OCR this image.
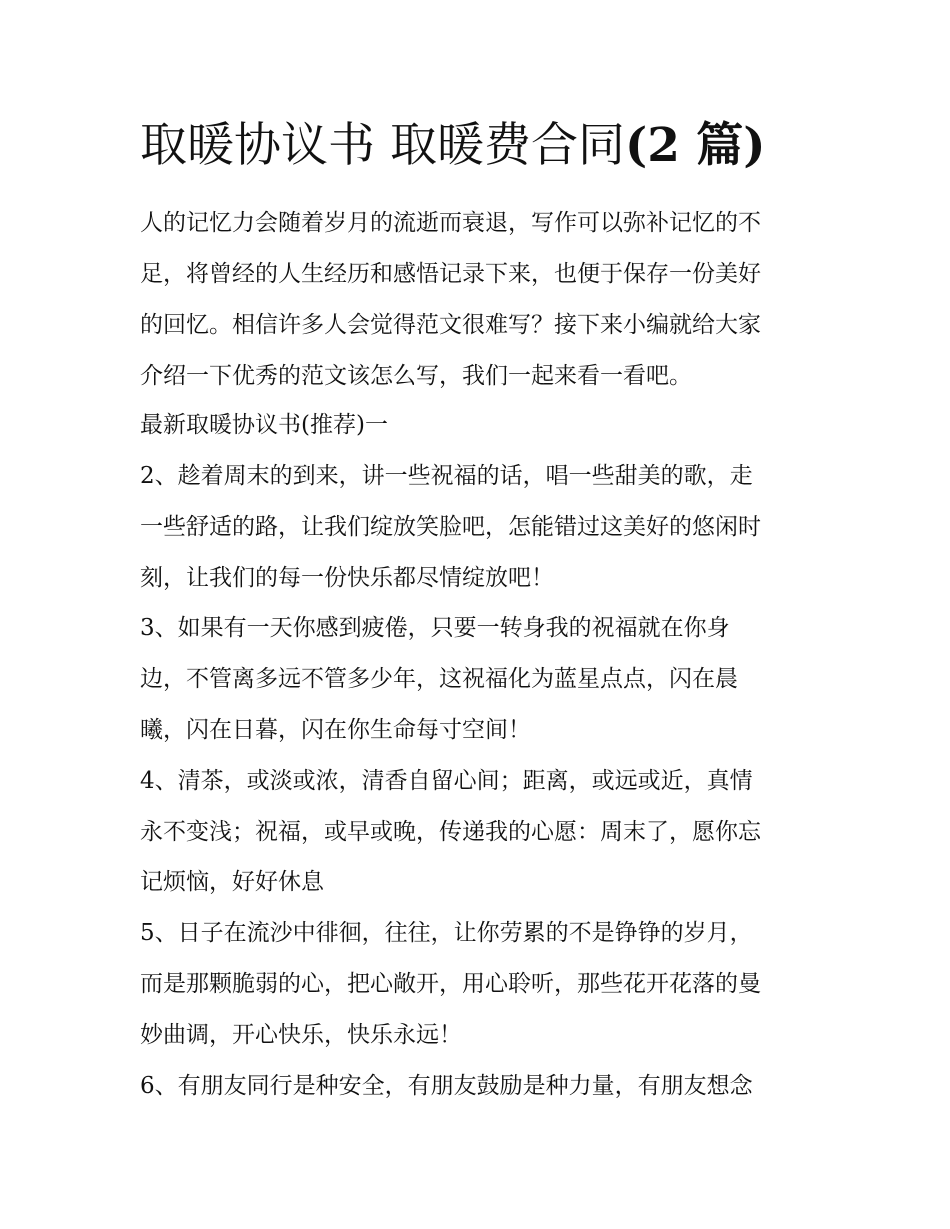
取暖协议书 取暖费合同(2 篇)
人的记忆力会随着岁月的流逝而衰退，写作可以弥补记忆的不
足，将曾经的人生经历和感悟记录下来，也便于保存一份美好
的回忆。相信许多人会觉得范文很难写？接下来小编就给大家
介绍一下优秀的范文该怎么写，我们一起来看一看吧。
最新取暖协议书(推荐)一
2、趁着周末的到来，讲一些祝福的话，唱一些甜美的歌，走
一些舒适的路，让我们绽放笑脸吧，怎能错过这美好的悠闲时
刻，让我们的每一份快乐都尽情绽放吧！
3、如果有一天你感到疲倦，只要一转身我的祝福就在你身
边，不管离多远不管多少年，这祝福化为蓝星点点，闪在晨
曦，闪在日暮，闪在你生命每寸空间！
4、清茶，或淡或浓，清香自留心间；距离，或远或近，真情
永不变浅；祝福，或早或晚，传递我的心愿：周末了，愿你忘
记烦恼，好好休息
5、日子在流沙中徘徊，往往，让你劳累的不是铮铮的岁月，
而是那颗脆弱的心，把心敞开，用心聆听，那些花开花落的曼
妙曲调，开心快乐，快乐永远！
6、有朋友同行是种安全，有朋友鼓励是种力量，有朋友想念
